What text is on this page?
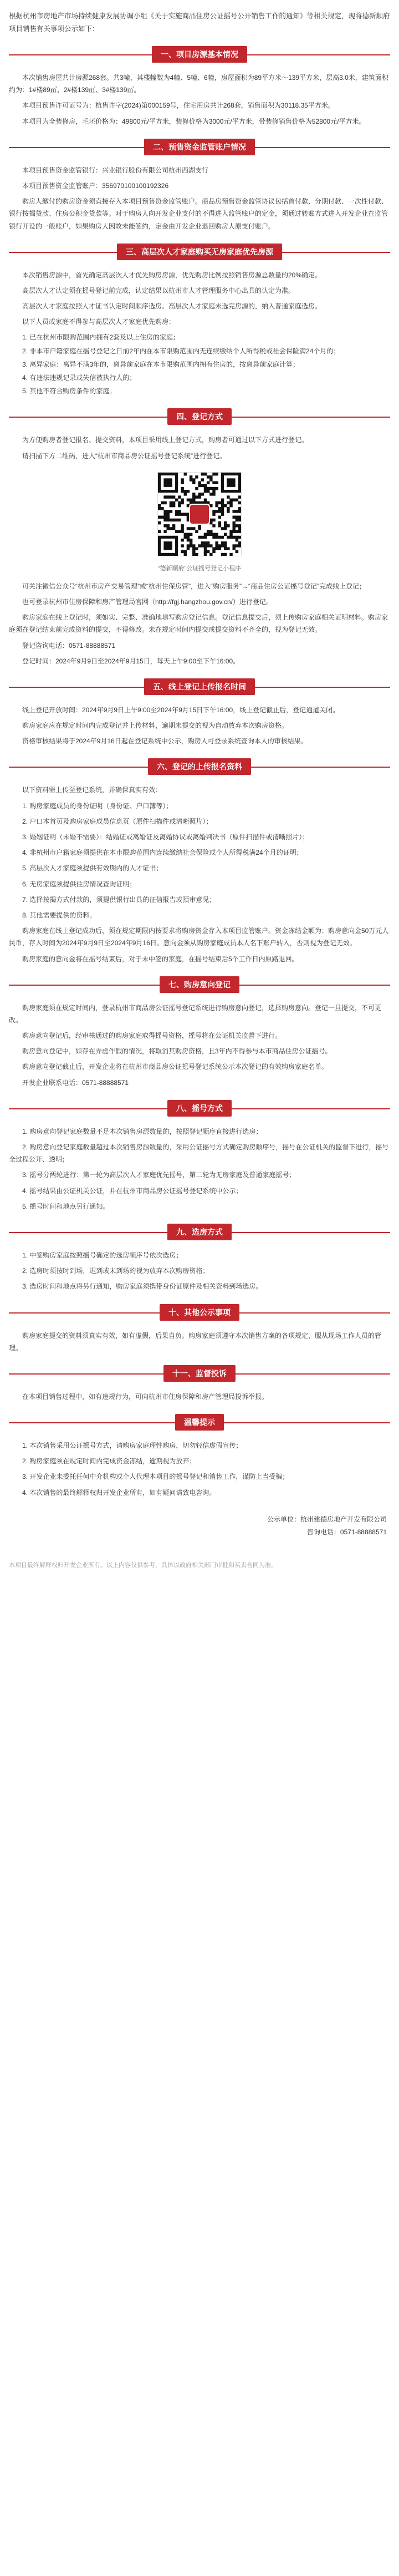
根据杭州市房地产市场持续健康发展协调小组《关于实施商品住房公证摇号公开销售工作的通知》等相关规定，现将德新顺府项目销售有关事项公示如下：
一、项目房源基本情况

本次销售房屋共计房源268套。共3幢，其楼幢数为4幢、5幢、6幢，房屋面积为89平方米～139平方米，层高3.0米，建筑面积约为：1#楼89㎡、2#楼139㎡、3#楼139㎡。

本项目预售许可证号为：杭售许字(2024)第000159号，住宅用房共计268套，销售面积为30118.35平方米。

本项目为全装修房，毛坯价格为：49800元/平方米，装修价格为3000元/平方米，带装修销售价格为52800元/平方米。

二、预售资金监管账户情况

本项目预售资金监管银行：兴业银行股份有限公司杭州西湖支行

本项目预售资金监管账户：356970100100192326

购房人缴付的购房资金须直接存入本项目预售资金监管账户。商品房预售资金监管协议包括首付款、分期付款、一次性付款、银行按揭贷款、住房公积金贷款等。对于购房人向开发企业支付的不得进入监管账户的定金，须通过转账方式进入开发企业在监管银行开设的一般账户，如果购房人因故未能签约，定金由开发企业退回购房人原支付账户。

三、高层次人才家庭购买无房家庭优先房源

本次销售房源中，首先确定高层次人才优先购房房源，优先购房比例按照销售房源总数量的20%确定。

高层次人才认定须在摇号登记前完成，认定结果以杭州市人才管理服务中心出具的认定为准。

高层次人才家庭按照人才证书认定时间顺序选房。高层次人才家庭未选完房源的，纳入普通家庭选房。

以下人员或家庭不得参与高层次人才家庭优先购房：

1. 已在杭州市限购范围内拥有2套及以上住房的家庭；
2. 非本市户籍家庭在摇号登记之日前2年内在本市限购范围内无连续缴纳个人所得税或社会保险满24个月的；
3. 离异家庭：离异不满3年的，离异前家庭在本市限购范围内拥有住房的，按离异前家庭计算；
4. 有违法违规记录或失信被执行人的；
5. 其他不符合购房条件的家庭。
四、登记方式

为方便购房者登记报名、提交资料，本项目采用线上登记方式，购房者可通过以下方式进行登记。

请扫描下方二维码，进入“杭州市商品房公证摇号登记系统”进行登记。

“德新顺府”公证摇号登记小程序

可关注微信公众号“杭州市房产交易管理”或“杭州住保房管”，进入“购房服务”→“商品住房公证摇号登记”完成线上登记；

也可登录杭州市住房保障和房产管理局官网（http://fgj.hangzhou.gov.cn/）进行登记。

购房家庭在线上登记时，须如实、完整、准确地填写购房登记信息。登记信息提交后，须上传购房家庭相关证明材料。购房家庭须在登记结束前完成资料的提交，不得修改。未在规定时间内提交或提交资料不齐全的，视为登记无效。

登记咨询电话：0571-88888571

登记时间：2024年9月9日至2024年9月15日，每天上午9:00至下午16:00。

五、线上登记上传报名时间

线上登记开放时间：2024年9月9日上午9:00至2024年9月15日下午16:00，线上登记截止后，登记通道关闭。

购房家庭应在规定时间内完成登记并上传材料，逾期未提交的视为自动放弃本次购房资格。

资格审核结果将于2024年9月16日起在登记系统中公示，购房人可登录系统查询本人的审核结果。

六、登记的上传报名资料

以下资料需上传至登记系统，并确保真实有效：

1. 购房家庭成员的身份证明（身份证、户口簿等）；

2. 户口本首页及购房家庭成员信息页（原件扫描件或清晰照片）；

3. 婚姻证明（未婚不需要）：结婚证或离婚证及离婚协议或离婚判决书（原件扫描件或清晰照片）；

4. 非杭州市户籍家庭须提供在本市限购范围内连续缴纳社会保险或个人所得税满24个月的证明；

5. 高层次人才家庭须提供有效期内的人才证书；

6. 无房家庭须提供住房情况查询证明；

7. 选择按揭方式付款的，须提供银行出具的征信报告或预审意见；

8. 其他需要提供的资料。

购房家庭在线上登记成功后，须在规定期限内按要求将购房资金存入本项目监管账户。资金冻结金额为：购房意向金50万元人民币，存入时间为2024年9月9日至2024年9月16日。意向金须从购房家庭成员本人名下账户转入，否则视为登记无效。

购房家庭的意向金将在摇号结束后，对于未中签的家庭，在摇号结束后5个工作日内原路退回。

七、购房意向登记

购房家庭须在规定时间内，登录杭州市商品房公证摇号登记系统进行购房意向登记，选择购房意向。登记一旦提交，不可更改。

购房意向登记后，经审核通过的购房家庭取得摇号资格，摇号将在公证机关监督下进行。

购房意向登记中，如存在弄虚作假的情况，将取消其购房资格，且3年内不得参与本市商品住房公证摇号。

购房意向登记截止后，开发企业将在杭州市商品房公证摇号登记系统公示本次登记的有效购房家庭名单。

开发企业联系电话：0571-88888571

八、摇号方式

1. 购房意向登记家庭数量不足本次销售房源数量的，按照登记顺序直接进行选房；

2. 购房意向登记家庭数量超过本次销售房源数量的，采用公证摇号方式确定购房顺序号，摇号在公证机关的监督下进行，摇号全过程公开、透明；

3. 摇号分两轮进行：第一轮为高层次人才家庭优先摇号，第二轮为无房家庭及普通家庭摇号；

4. 摇号结果由公证机关公证，并在杭州市商品房公证摇号登记系统中公示；

5. 摇号时间和地点另行通知。

九、选房方式

1. 中签购房家庭按照摇号确定的选房顺序号依次选房；

2. 选房时须按时到场，迟到或未到场的视为放弃本次购房资格；

3. 选房时间和地点将另行通知，购房家庭须携带身份证原件及相关资料到场选房。

十、其他公示事项

购房家庭提交的资料须真实有效，如有虚假，后果自负。购房家庭须遵守本次销售方案的各项规定，服从现场工作人员的管理。

十一、监督投诉

在本项目销售过程中，如有违规行为，可向杭州市住房保障和房产管理局投诉举报。

温馨提示

1. 本次销售采用公证摇号方式，请购房家庭理性购房，切勿轻信虚假宣传；

2. 购房家庭须在规定时间内完成资金冻结，逾期视为放弃；

3. 开发企业未委托任何中介机构或个人代理本项目的摇号登记和销售工作，谨防上当受骗；

4. 本次销售的最终解释权归开发企业所有，如有疑问请致电咨询。

公示单位：杭州建德房地产开发有限公司
咨询电话：0571-88888571
本项目最终解释权归开发企业所有。以上内容仅供参考，具体以政府相关部门审批和买卖合同为准。
